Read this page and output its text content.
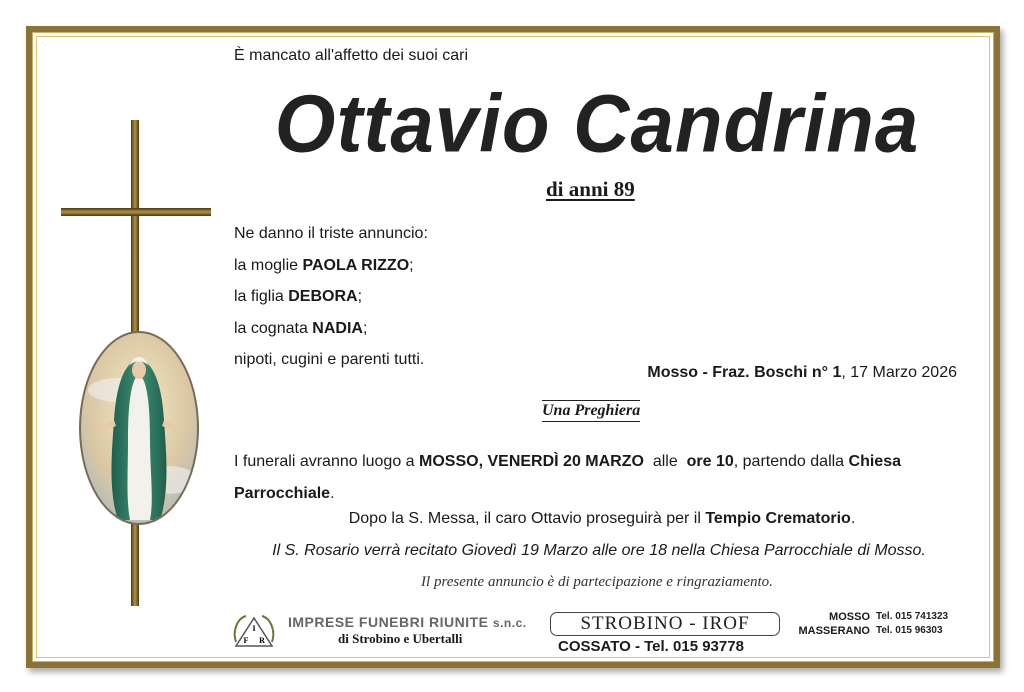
È mancato all'affetto dei suoi cari
Ottavio Candrina
di anni 89
Ne danno il triste annuncio:
la moglie PAOLA RIZZO;
la figlia DEBORA;
la cognata NADIA;
nipoti, cugini e parenti tutti.
Mosso - Fraz. Boschi n° 1, 17 Marzo 2026
Una Preghiera
I funerali avranno luogo a MOSSO, VENERDÌ 20 MARZO  alle  ore 10, partendo dalla Chiesa Parrocchiale.
Dopo la S. Messa, il caro Ottavio proseguirà per il Tempio Crematorio.
Il S. Rosario verrà recitato Giovedì 19 Marzo alle ore 18 nella Chiesa Parrocchiale di Mosso.
Il presente annuncio è di partecipazione e ringraziamento.
I
F R
IMPRESE FUNEBRI RIUNITE s.n.c.
di Strobino e Ubertalli
STROBINO - IROF
COSSATO - Tel. 015 93778
MOSSO Tel. 015 741323
MASSERANO Tel. 015 96303
